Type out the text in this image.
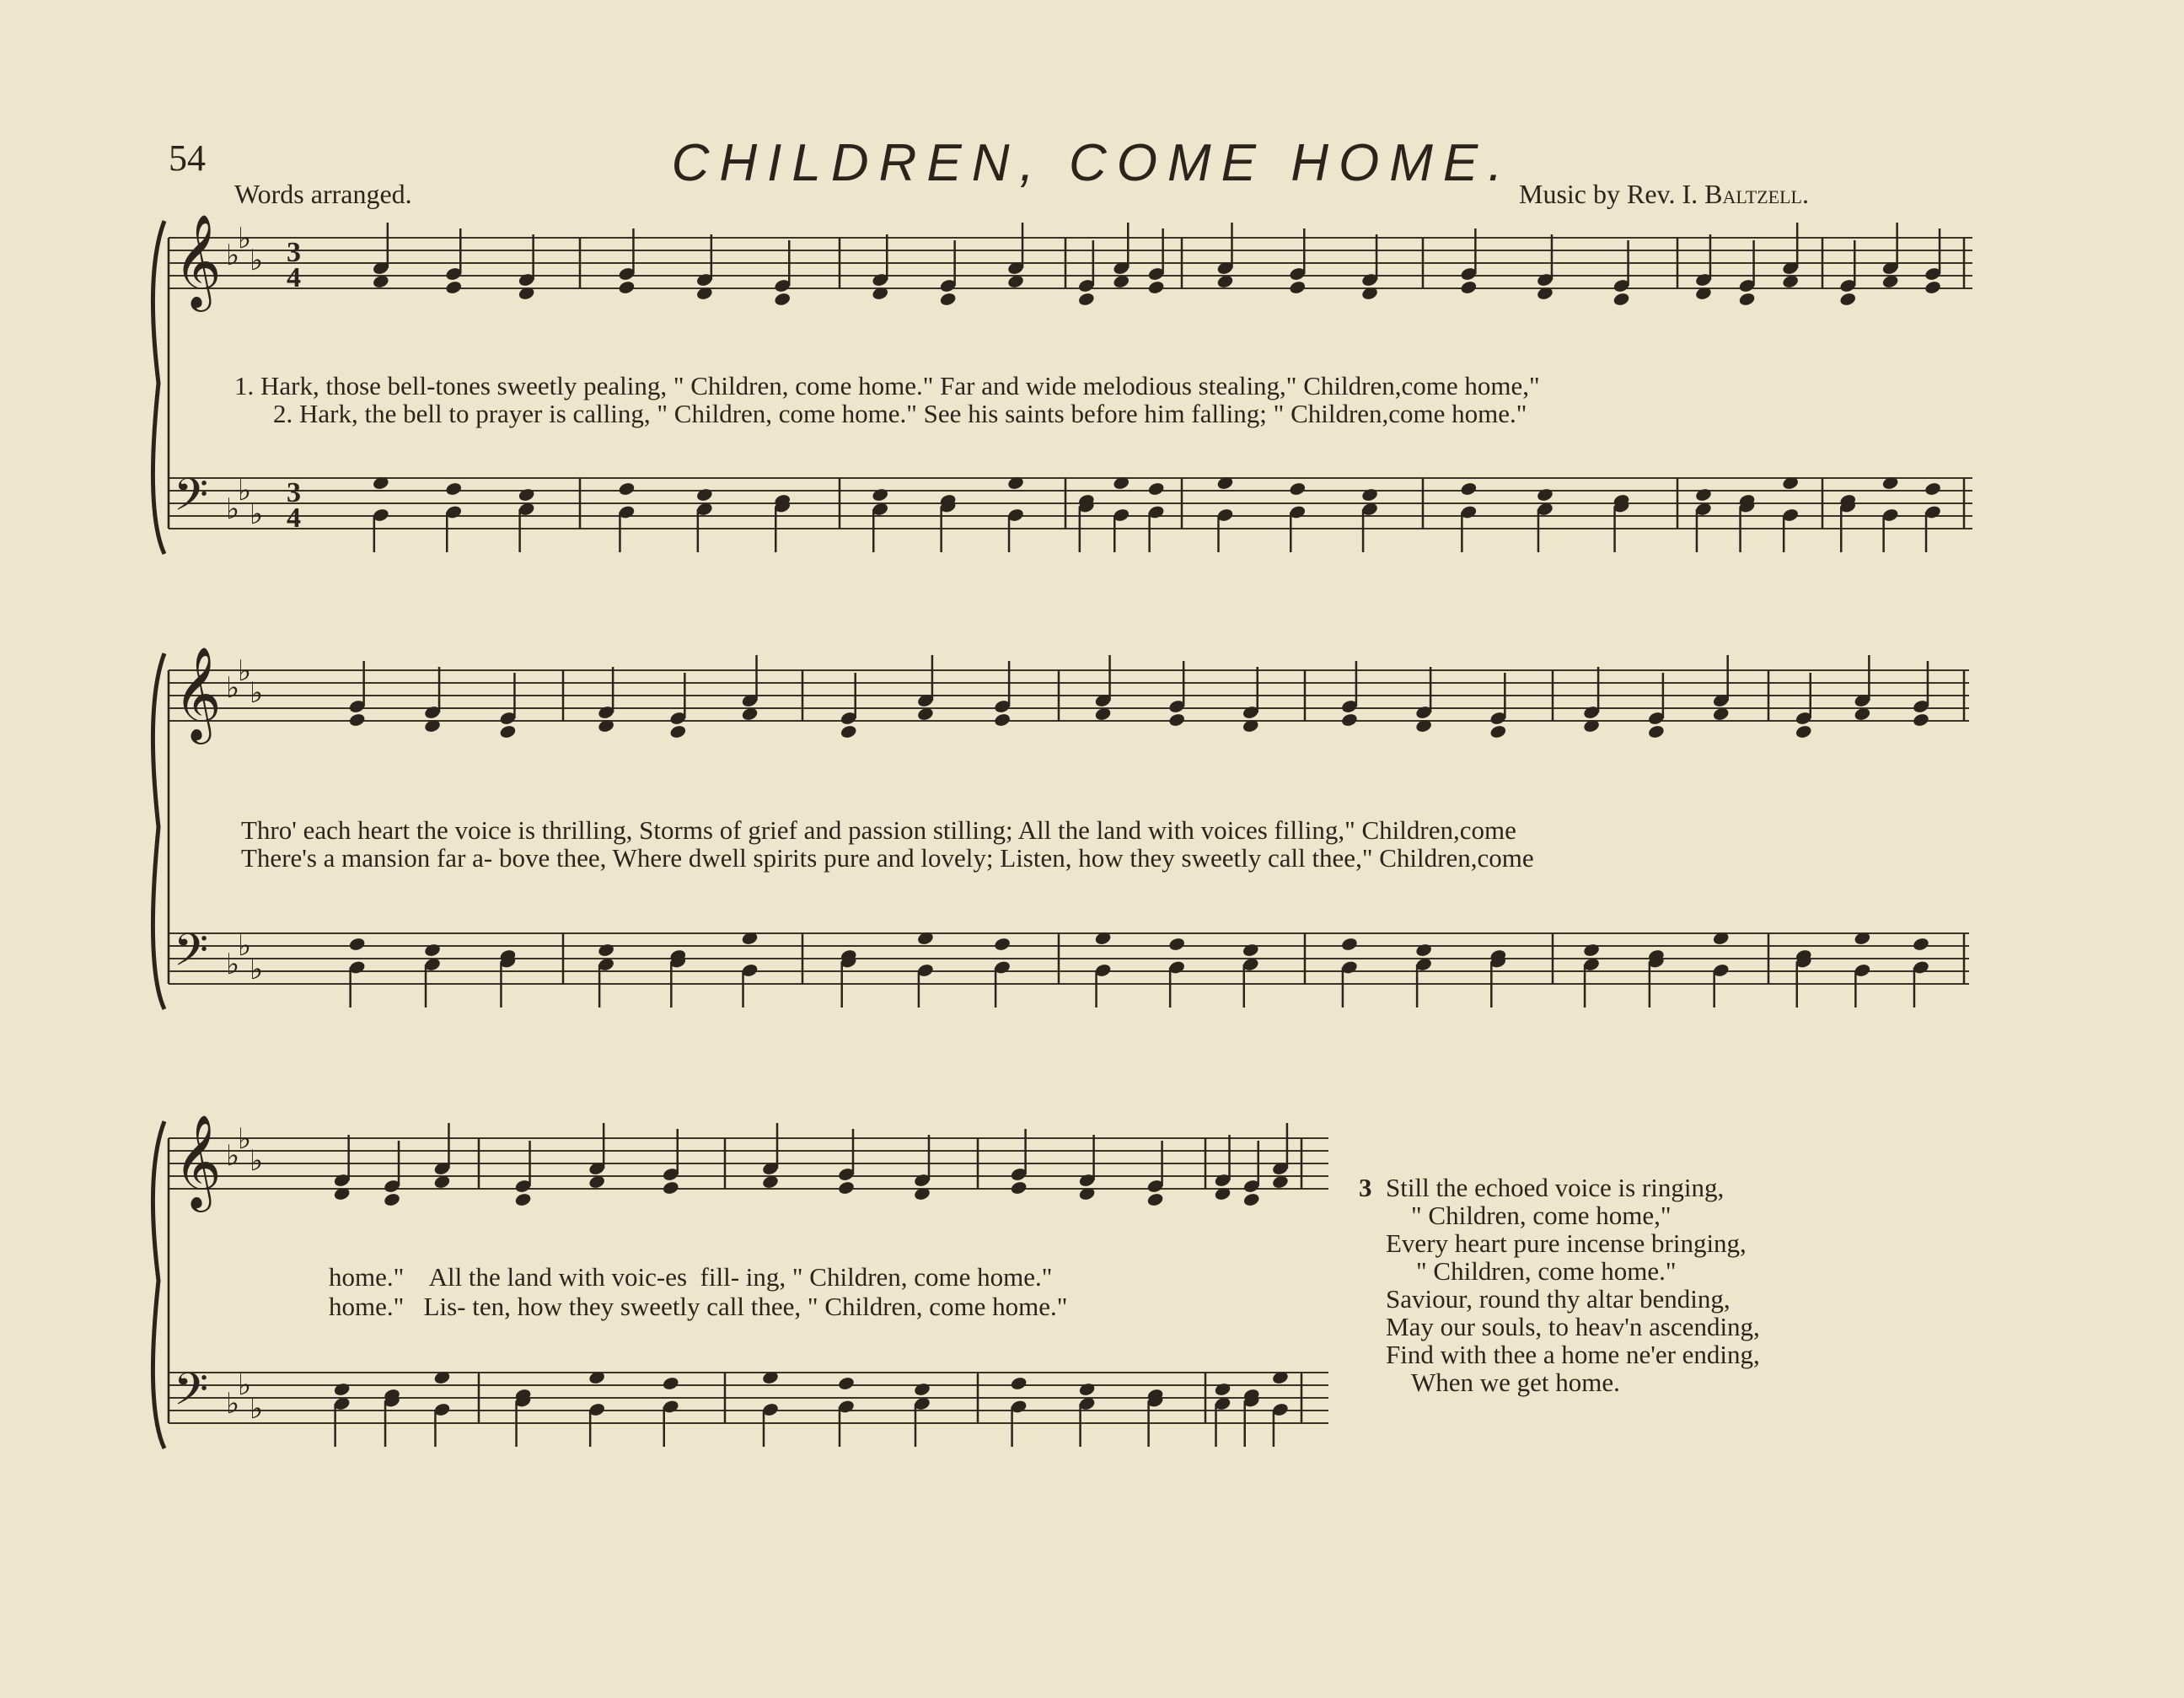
54	CHILDREN, COME HOME.
Words arranged.	Music by Rev. I. Baltzell.
𝄞
𝄢
♭
♭
♭
♭
♭
♭
3
4
3
4
𝄞
𝄢
♭
♭
♭
♭
♭
♭
𝄞
𝄢
♭
♭
♭
♭
♭
♭
1. Hark, those bell-tones sweetly pealing, " Children, come home." Far and wide melodious stealing," Children,come home,"
2. Hark, the bell to prayer is calling, " Children, come home." See his saints before him falling; " Children,come home."
Thro' each heart the voice is thrilling, Storms of grief and passion stilling; All the land with voices filling," Children,come
There's a mansion far a- bove thee, Where dwell spirits pure and lovely; Listen, how they sweetly call thee," Children,come
home."    All the land with voic-es  fill- ing, " Children, come home."
home."   Lis- ten, how they sweetly call thee, " Children, come home."
3 Still the echoed voice is ringing,
" Children, come home,"
Every heart pure incense bringing,
" Children, come home."
Saviour, round thy altar bending,
May our souls, to heav'n ascending,
Find with thee a home ne'er ending,
When we get home.
